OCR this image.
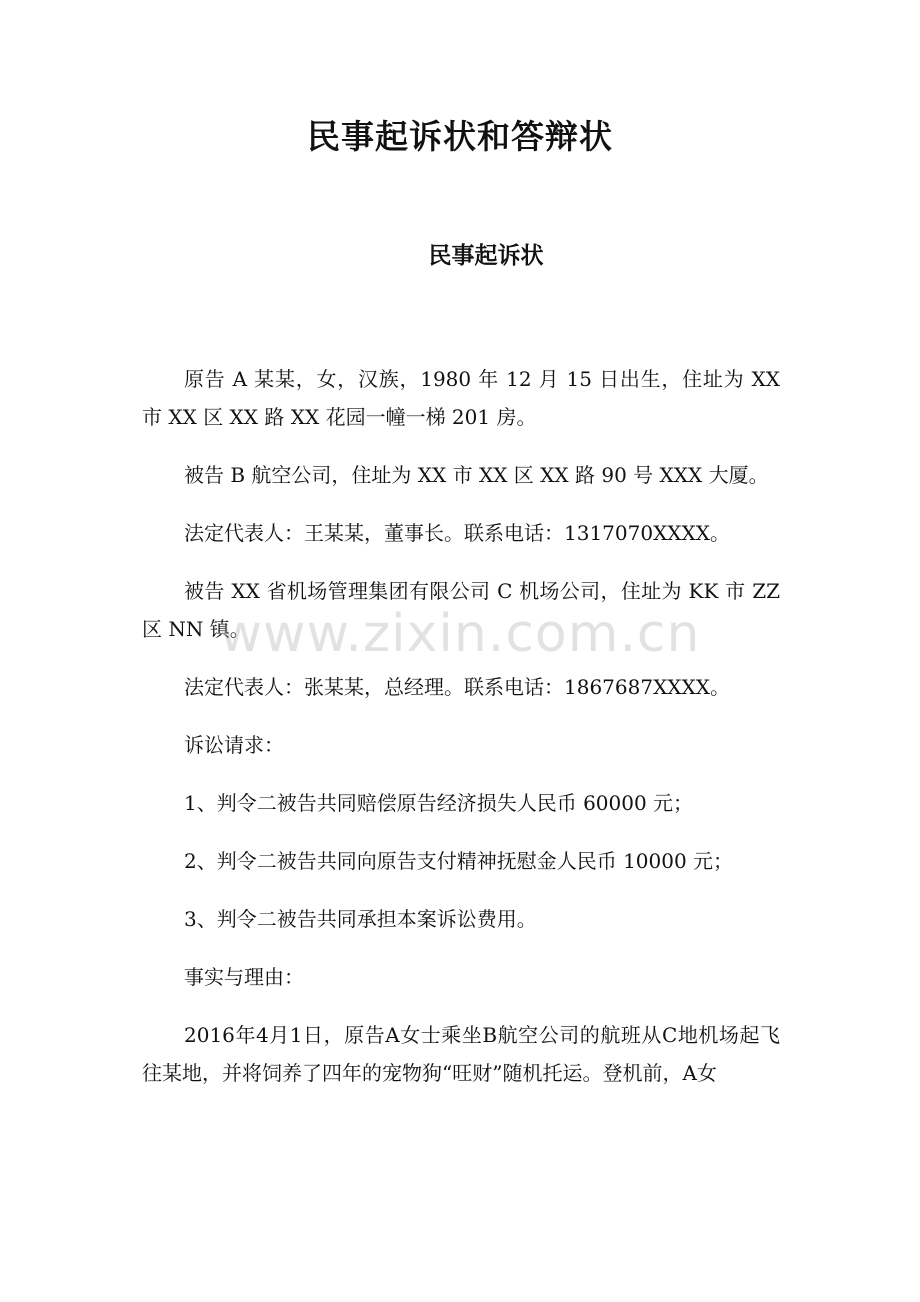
民事起诉状和答辩状
民事起诉状

原告 A 某某，女，汉族，1980 年 12 月 15 日出生，住址为 XX 市 XX 区 XX 路 XX 花园一幢一梯 201 房。

被告 B 航空公司，住址为 XX 市 XX 区 XX 路 90 号 XXX 大厦。

法定代表人：王某某，董事长。联系电话：1317070XXXX。

被告 XX 省机场管理集团有限公司 C 机场公司，住址为 KK 市 ZZ 区 NN 镇。

法定代表人：张某某，总经理。联系电话：1867687XXXX。

诉讼请求：

1、判令二被告共同赔偿原告经济损失人民币 60000 元；

2、判令二被告共同向原告支付精神抚慰金人民币 10000 元；

3、判令二被告共同承担本案诉讼费用。

事实与理由：

2016年4月1日，原告A女士乘坐B航空公司的航班从C地机场起飞往某地，并将饲养了四年的宠物狗“旺财”随机托运。登机前，A女

www.zixin.com.cn
